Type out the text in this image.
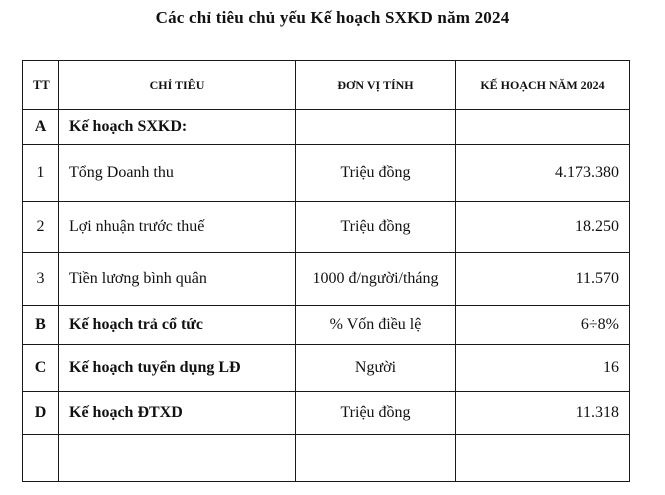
Các chỉ tiêu chủ yếu Kế hoạch SXKD năm 2024
TT	CHỈ TIÊU	ĐƠN VỊ TÍNH	KẾ HOẠCH NĂM 2024
A	Kế hoạch SXKD:		
1	Tổng Doanh thu	Triệu đồng	4.173.380
2	Lợi nhuận trước thuế	Triệu đồng	18.250
3	Tiền lương bình quân	1000 đ/người/tháng	11.570
B	Kế hoạch trả cổ tức	% Vốn điều lệ	6÷8%
C	Kế hoạch tuyển dụng LĐ	Người	16
D	Kế hoạch ĐTXD	Triệu đồng	11.318
